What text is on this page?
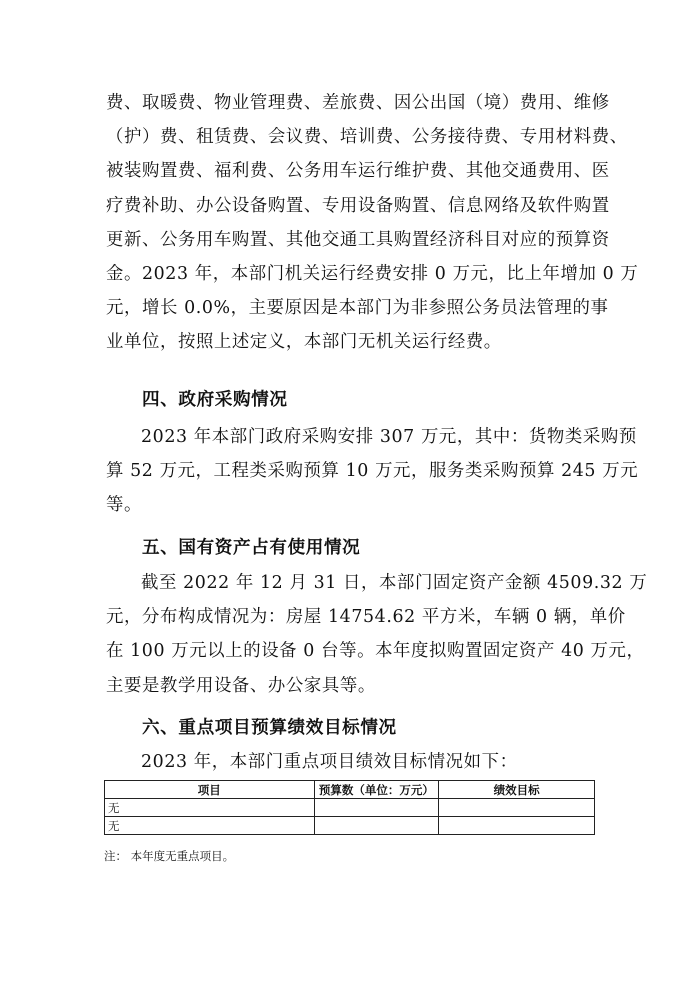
费、取暖费、物业管理费、差旅费、因公出国（境）费用、维修
（护）费、租赁费、会议费、培训费、公务接待费、专用材料费、
被装购置费、福利费、公务用车运行维护费、其他交通费用、医
疗费补助、办公设备购置、专用设备购置、信息网络及软件购置
更新、公务用车购置、其他交通工具购置经济科目对应的预算资
金。2023 年，本部门机关运行经费安排 0 万元，比上年增加 0 万
元，增长 0.0%，主要原因是本部门为非参照公务员法管理的事
业单位，按照上述定义，本部门无机关运行经费。
四、政府采购情况
2023 年本部门政府采购安排 307 万元，其中：货物类采购预
算 52 万元，工程类采购预算 10 万元，服务类采购预算 245 万元
等。
五、国有资产占有使用情况
截至 2022 年 12 月 31 日，本部门固定资产金额 4509.32 万
元，分布构成情况为：房屋 14754.62 平方米，车辆 0 辆，单价
在 100 万元以上的设备 0 台等。本年度拟购置固定资产 40 万元，
主要是教学用设备、办公家具等。
六、重点项目预算绩效目标情况
2023 年，本部门重点项目绩效目标情况如下：
项目	预算数（单位：万元）	绩效目标
无		
无		
注： 本年度无重点项目。
